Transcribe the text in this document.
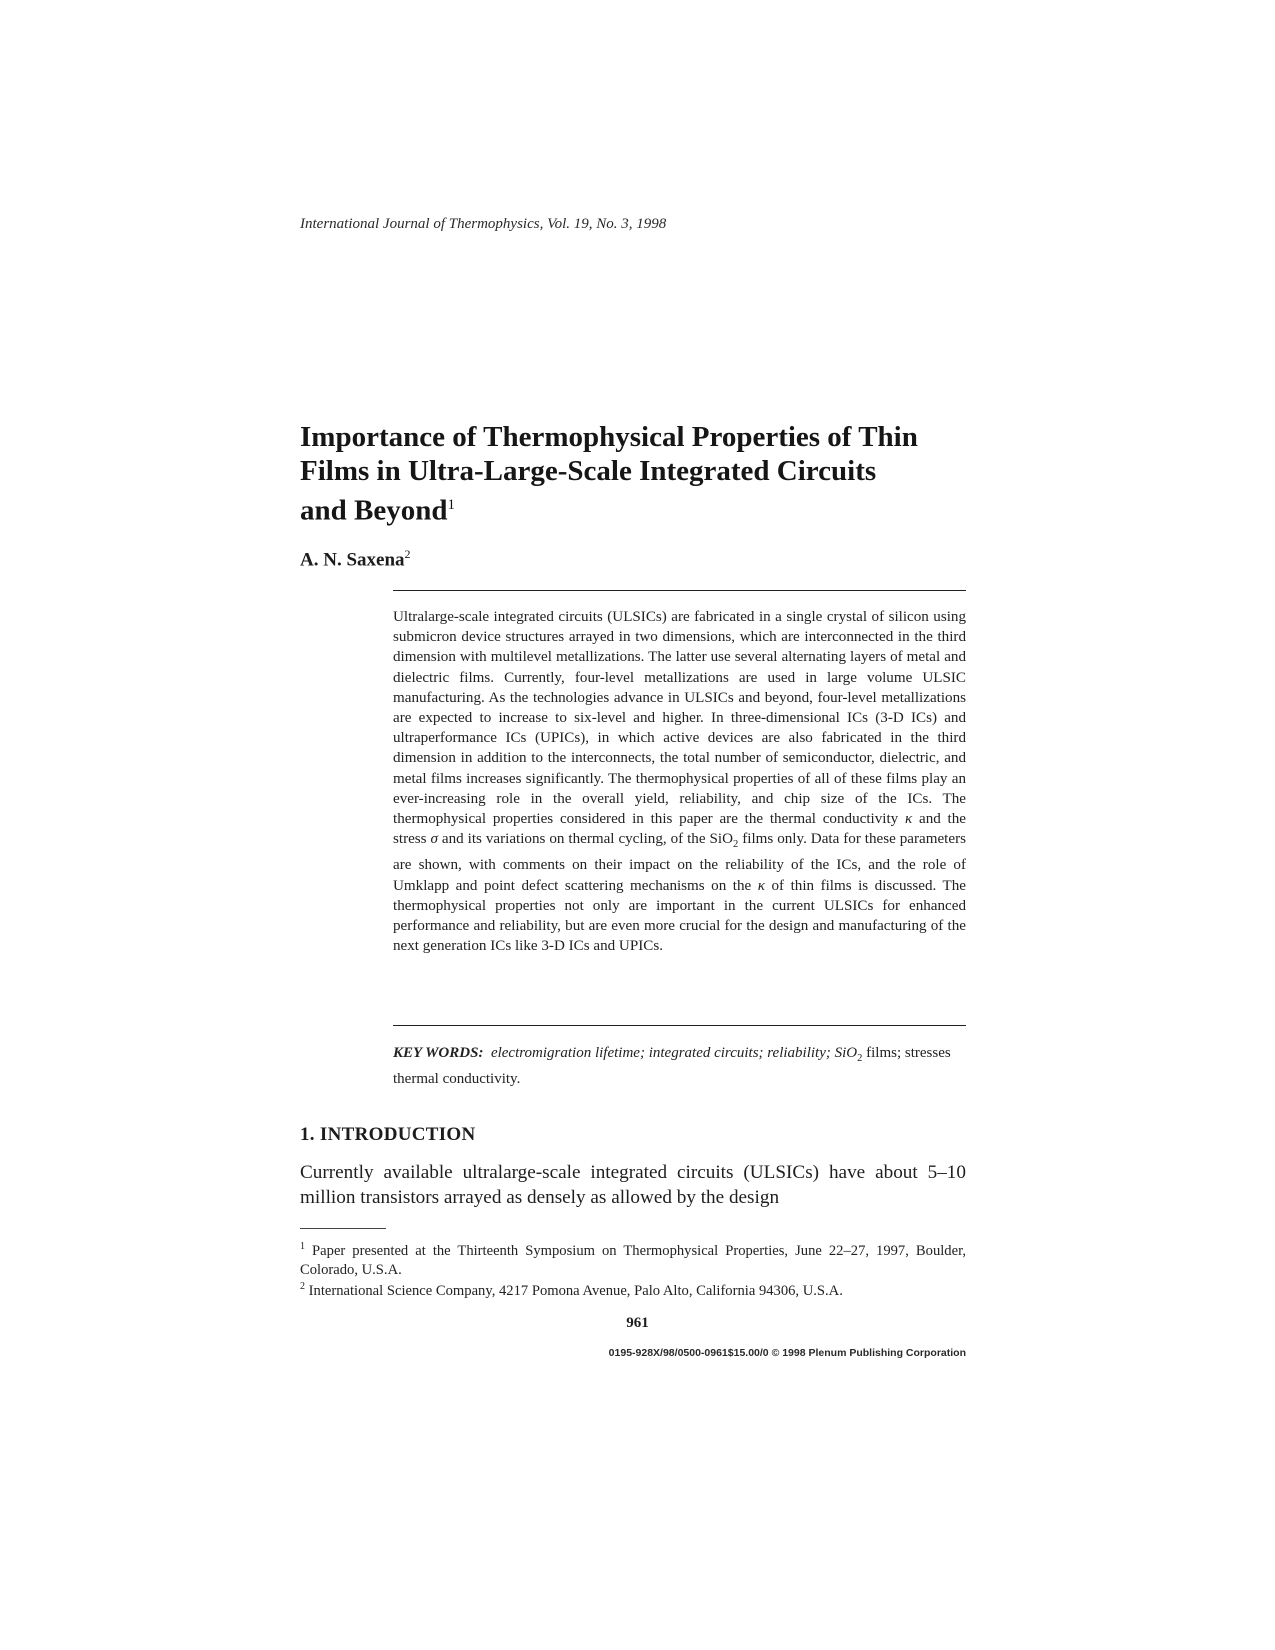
International Journal of Thermophysics, Vol. 19, No. 3, 1998
Importance of Thermophysical Properties of Thin
Films in Ultra-Large-Scale Integrated Circuits
and Beyond$^1$
A. N. Saxena$^2$
Ultralarge-scale integrated circuits (ULSICs) are fabricated in a single crystal of silicon using submicron device structures arrayed in two dimensions, which are interconnected in the third dimension with multilevel metallizations. The latter use several alternating layers of metal and dielectric films. Currently, four-level metallizations are used in large volume ULSIC manufacturing. As the technologies advance in ULSICs and beyond, four-level metallizations are expected to increase to six-level and higher. In three-dimensional ICs (3-D ICs) and ultraperformance ICs (UPICs), in which active devices are also fabricated in the third dimension in addition to the interconnects, the total number of semiconductor, dielectric, and metal films increases significantly. The thermophysical properties of all of these films play an ever-increasing role in the overall yield, reliability, and chip size of the ICs. The thermophysical properties considered in this paper are the thermal conductivity κ and the stress σ and its variations on thermal cycling, of the SiO$_2$ films only. Data for these parameters are shown, with comments on their impact on the reliability of the ICs, and the role of Umklapp and point defect scattering mechanisms on the κ of thin films is discussed. The thermophysical properties not only are important in the current ULSICs for enhanced performance and reliability, but are even more crucial for the design and manufacturing of the next generation ICs like 3-D ICs and UPICs.
KEY WORDS: electromigration lifetime; integrated circuits; reliability; SiO$_2$ films; stresses thermal conductivity.
1. INTRODUCTION
Currently available ultralarge-scale integrated circuits (ULSICs) have about 5–10 million transistors arrayed as densely as allowed by the design
$^1$ Paper presented at the Thirteenth Symposium on Thermophysical Properties, June 22–27, 1997, Boulder, Colorado, U.S.A.
$^2$ International Science Company, 4217 Pomona Avenue, Palo Alto, California 94306, U.S.A.
961
0195-928X/98/0500-0961$15.00/0 © 1998 Plenum Publishing Corporation
